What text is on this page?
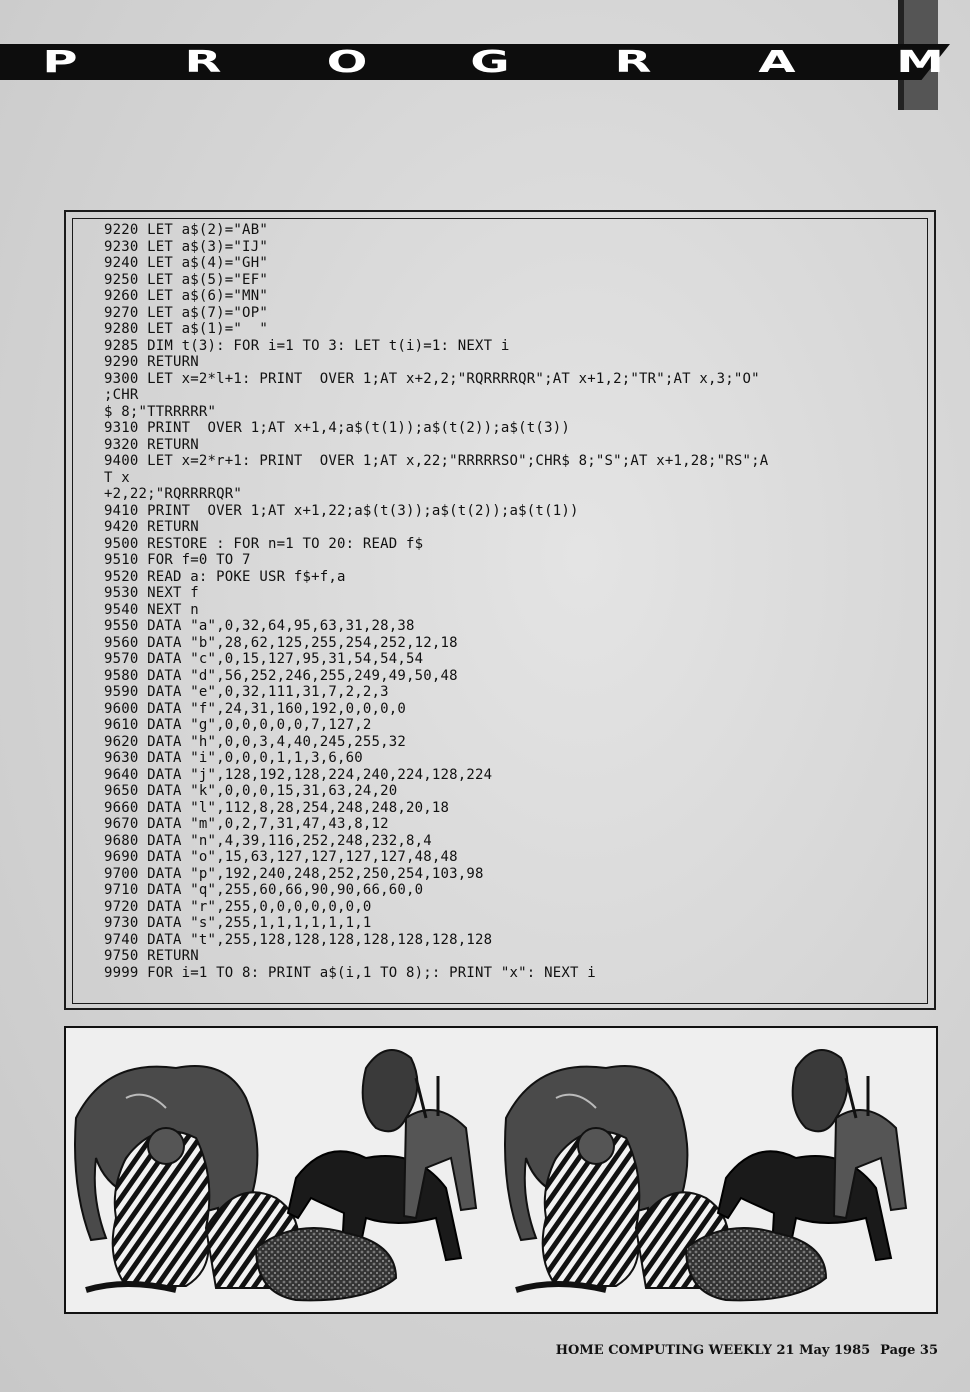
P	R	O	G	R	A	M
9220 LET a$(2)="AB"
9230 LET a$(3)="IJ"
9240 LET a$(4)="GH"
9250 LET a$(5)="EF"
9260 LET a$(6)="MN"
9270 LET a$(7)="OP"
9280 LET a$(1)="  "
9285 DIM t(3): FOR i=1 TO 3: LET t(i)=1: NEXT i
9290 RETURN
9300 LET x=2*l+1: PRINT  OVER 1;AT x+2,2;"RQRRRRQR";AT x+1,2;"TR";AT x,3;"O"
;CHR
$ 8;"TTRRRRR"
9310 PRINT  OVER 1;AT x+1,4;a$(t(1));a$(t(2));a$(t(3))
9320 RETURN
9400 LET x=2*r+1: PRINT  OVER 1;AT x,22;"RRRRRSO";CHR$ 8;"S";AT x+1,28;"RS";A
T x
+2,22;"RQRRRRQR"
9410 PRINT  OVER 1;AT x+1,22;a$(t(3));a$(t(2));a$(t(1))
9420 RETURN
9500 RESTORE : FOR n=1 TO 20: READ f$
9510 FOR f=0 TO 7
9520 READ a: POKE USR f$+f,a
9530 NEXT f
9540 NEXT n
9550 DATA "a",0,32,64,95,63,31,28,38
9560 DATA "b",28,62,125,255,254,252,12,18
9570 DATA "c",0,15,127,95,31,54,54,54
9580 DATA "d",56,252,246,255,249,49,50,48
9590 DATA "e",0,32,111,31,7,2,2,3
9600 DATA "f",24,31,160,192,0,0,0,0
9610 DATA "g",0,0,0,0,0,7,127,2
9620 DATA "h",0,0,3,4,40,245,255,32
9630 DATA "i",0,0,0,1,1,3,6,60
9640 DATA "j",128,192,128,224,240,224,128,224
9650 DATA "k",0,0,0,15,31,63,24,20
9660 DATA "l",112,8,28,254,248,248,20,18
9670 DATA "m",0,2,7,31,47,43,8,12
9680 DATA "n",4,39,116,252,248,232,8,4
9690 DATA "o",15,63,127,127,127,127,48,48
9700 DATA "p",192,240,248,252,250,254,103,98
9710 DATA "q",255,60,66,90,90,66,60,0
9720 DATA "r",255,0,0,0,0,0,0,0
9730 DATA "s",255,1,1,1,1,1,1,1
9740 DATA "t",255,128,128,128,128,128,128,128
9750 RETURN
9999 FOR i=1 TO 8: PRINT a$(i,1 TO 8);: PRINT "x": NEXT i
HOME COMPUTING WEEKLY 21 May 1985 Page 35
